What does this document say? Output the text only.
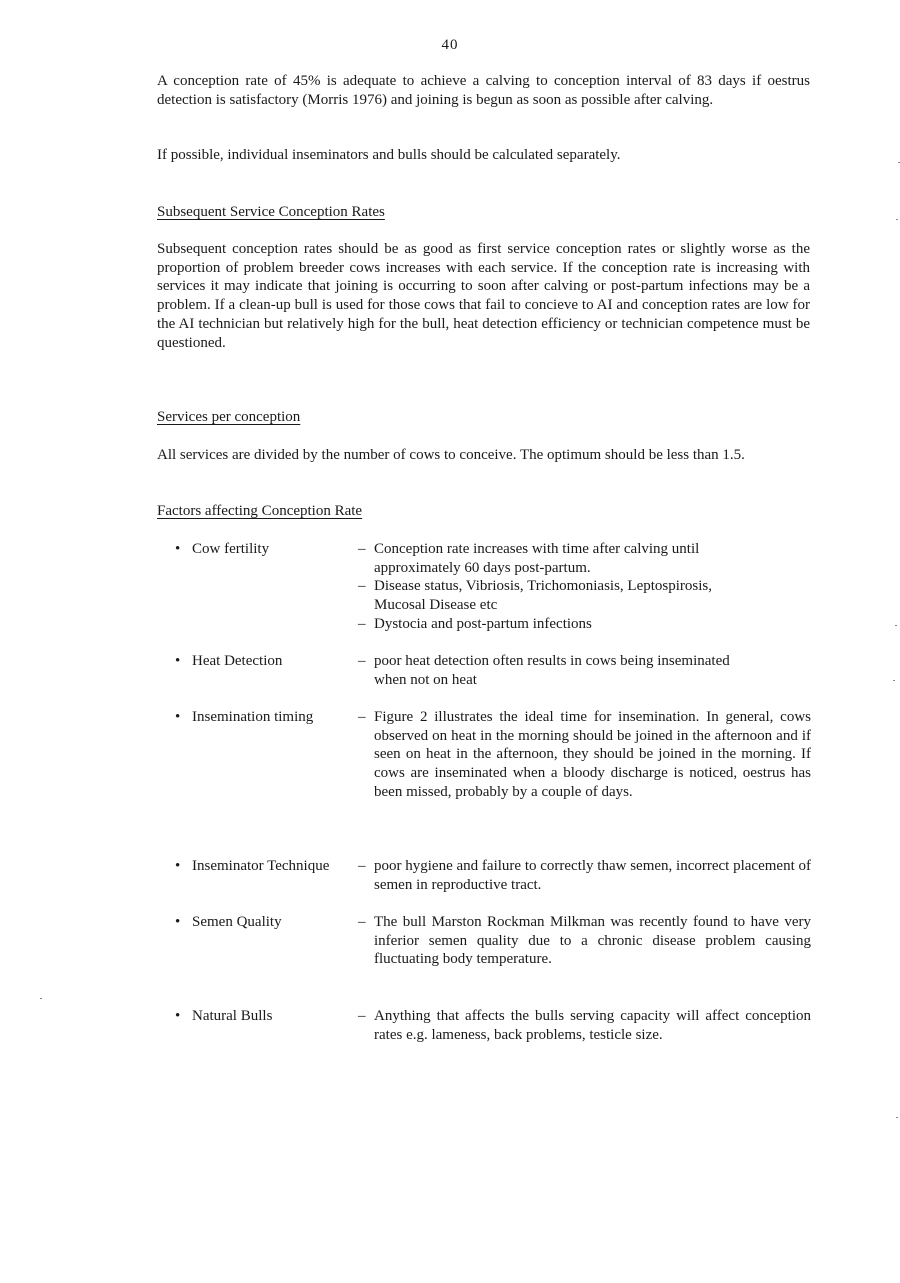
40
A conception rate of 45% is adequate to achieve a calving to conception interval of 83 days if oestrus detection is satisfactory (Morris 1976) and joining is begun as soon as possible after calving.
If possible, individual inseminators and bulls should be calculated separately.
Subsequent Service Conception Rates
Subsequent conception rates should be as good as first service conception rates or slightly worse as the proportion of problem breeder cows increases with each service. If the conception rate is increasing with services it may indicate that joining is occurring to soon after calving or post-partum infections may be a problem. If a clean-up bull is used for those cows that fail to concieve to AI and conception rates are low for the AI technician but relatively high for the bull, heat detection efficiency or technician competence must be questioned.
Services per conception
All services are divided by the number of cows to conceive. The optimum should be less than 1.5.
Factors affecting Conception Rate
• Cow fertility	– Conception rate increases with time after calving until approximately 60 days post-partum.
– Disease status, Vibriosis, Trichomoniasis, Leptospirosis, Mucosal Disease etc
– Dystocia and post-partum infections
• Heat Detection	– poor heat detection often results in cows being inseminated when not on heat
• Insemination timing	– Figure 2 illustrates the ideal time for insemination. In general, cows observed on heat in the morning should be joined in the afternoon and if seen on heat in the afternoon, they should be joined in the morning. If cows are inseminated when a bloody discharge is noticed, oestrus has been missed, probably by a couple of days.
• Inseminator Technique – poor hygiene and failure to correctly thaw semen, incorrect placement of semen in reproductive tract.
• Semen Quality	– The bull Marston Rockman Milkman was recently found to have very inferior semen quality due to a chronic disease problem causing fluctuating body temperature.
• Natural Bulls	– Anything that affects the bulls serving capacity will affect conception rates e.g. lameness, back problems, testicle size.
